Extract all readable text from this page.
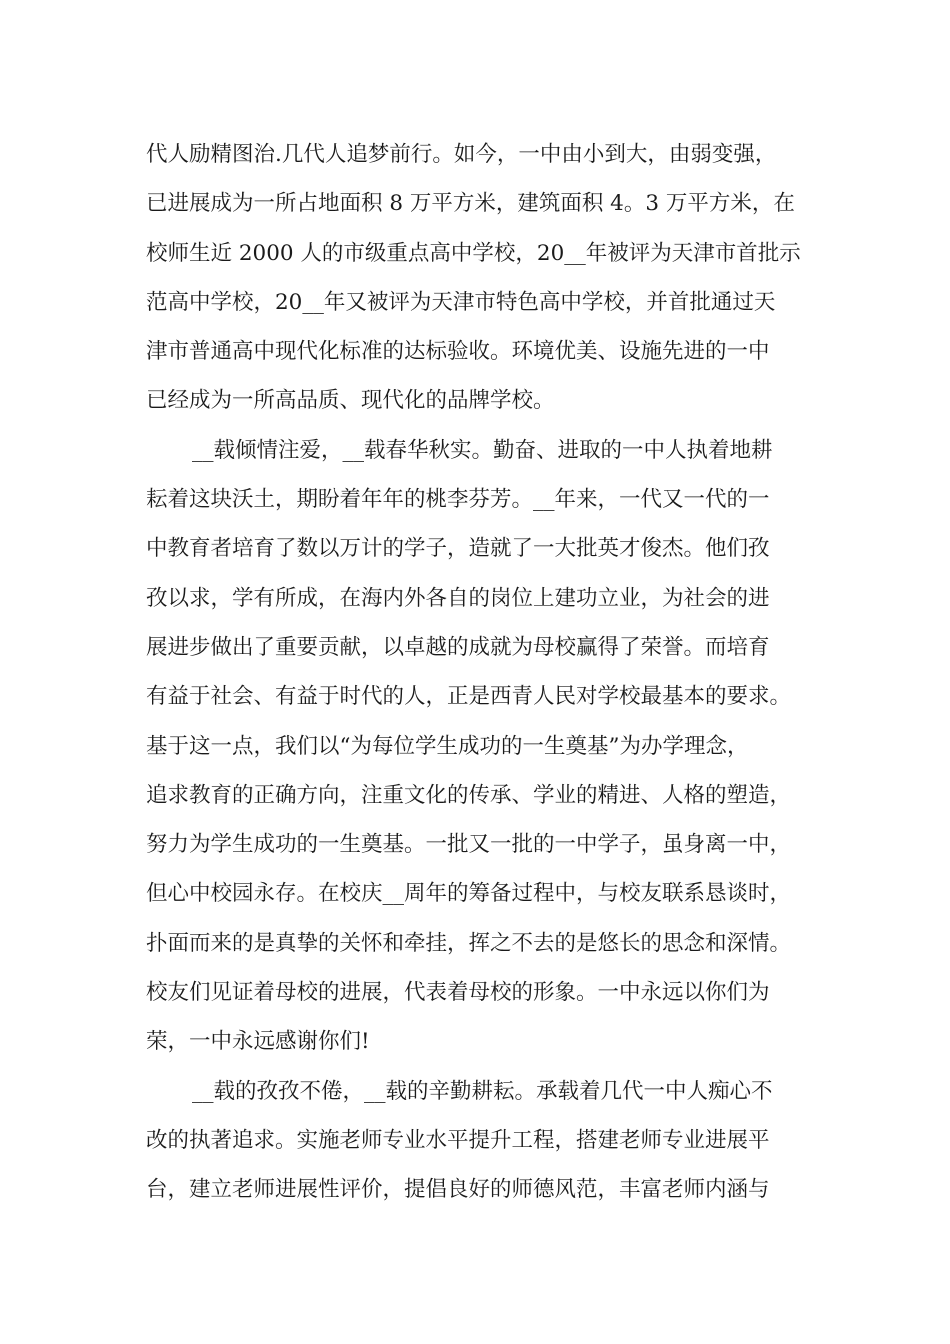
代人励精图治.几代人追梦前行。如今，一中由小到大，由弱变强，
已进展成为一所占地面积 8 万平方米，建筑面积 4。3 万平方米，在
校师生近 2000 人的市级重点高中学校，20__年被评为天津市首批示
范高中学校，20__年又被评为天津市特色高中学校，并首批通过天
津市普通高中现代化标准的达标验收。环境优美、设施先进的一中
已经成为一所高品质、现代化的品牌学校。
__载倾情注爱，__载春华秋实。勤奋、进取的一中人执着地耕
耘着这块沃土，期盼着年年的桃李芬芳。__年来，一代又一代的一
中教育者培育了数以万计的学子，造就了一大批英才俊杰。他们孜
孜以求，学有所成，在海内外各自的岗位上建功立业，为社会的进
展进步做出了重要贡献，以卓越的成就为母校赢得了荣誉。而培育
有益于社会、有益于时代的人，正是西青人民对学校最基本的要求。
基于这一点，我们以“为每位学生成功的一生奠基”为办学理念，
追求教育的正确方向，注重文化的传承、学业的精进、人格的塑造，
努力为学生成功的一生奠基。一批又一批的一中学子，虽身离一中，
但心中校园永存。在校庆__周年的筹备过程中，与校友联系恳谈时，
扑面而来的是真挚的关怀和牵挂，挥之不去的是悠长的思念和深情。
校友们见证着母校的进展，代表着母校的形象。一中永远以你们为
荣，一中永远感谢你们!
__载的孜孜不倦，__载的辛勤耕耘。承载着几代一中人痴心不
改的执著追求。实施老师专业水平提升工程，搭建老师专业进展平
台，建立老师进展性评价，提倡良好的师德风范，丰富老师内涵与
